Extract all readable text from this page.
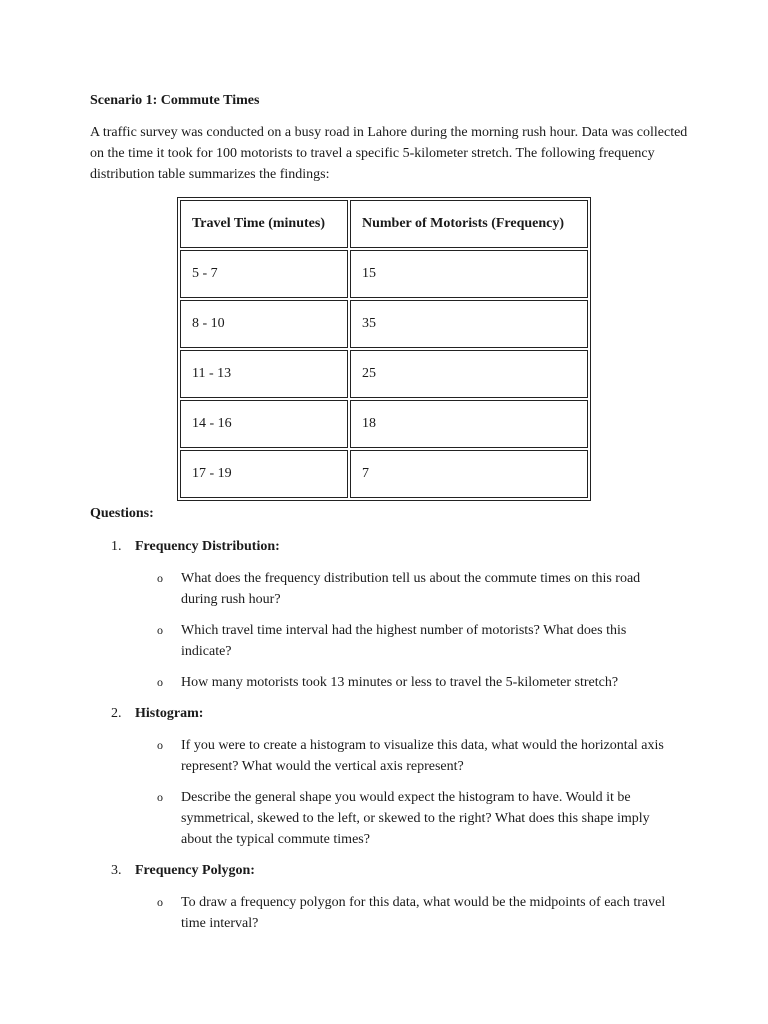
Scenario 1: Commute Times
A traffic survey was conducted on a busy road in Lahore during the morning rush hour. Data was collected on the time it took for 100 motorists to travel a specific 5-kilometer stretch. The following frequency distribution table summarizes the findings:
Travel Time (minutes)	Number of Motorists (Frequency)
5 - 7	15
8 - 10	35
11 - 13	25
14 - 16	18
17 - 19	7
Questions:
1. Frequency Distribution:
o What does the frequency distribution tell us about the commute times on this road during rush hour?
o Which travel time interval had the highest number of motorists? What does this indicate?
o How many motorists took 13 minutes or less to travel the 5-kilometer stretch?
2. Histogram:
o If you were to create a histogram to visualize this data, what would the horizontal axis represent? What would the vertical axis represent?
o Describe the general shape you would expect the histogram to have. Would it be symmetrical, skewed to the left, or skewed to the right? What does this shape imply about the typical commute times?
3. Frequency Polygon:
o To draw a frequency polygon for this data, what would be the midpoints of each travel time interval?
